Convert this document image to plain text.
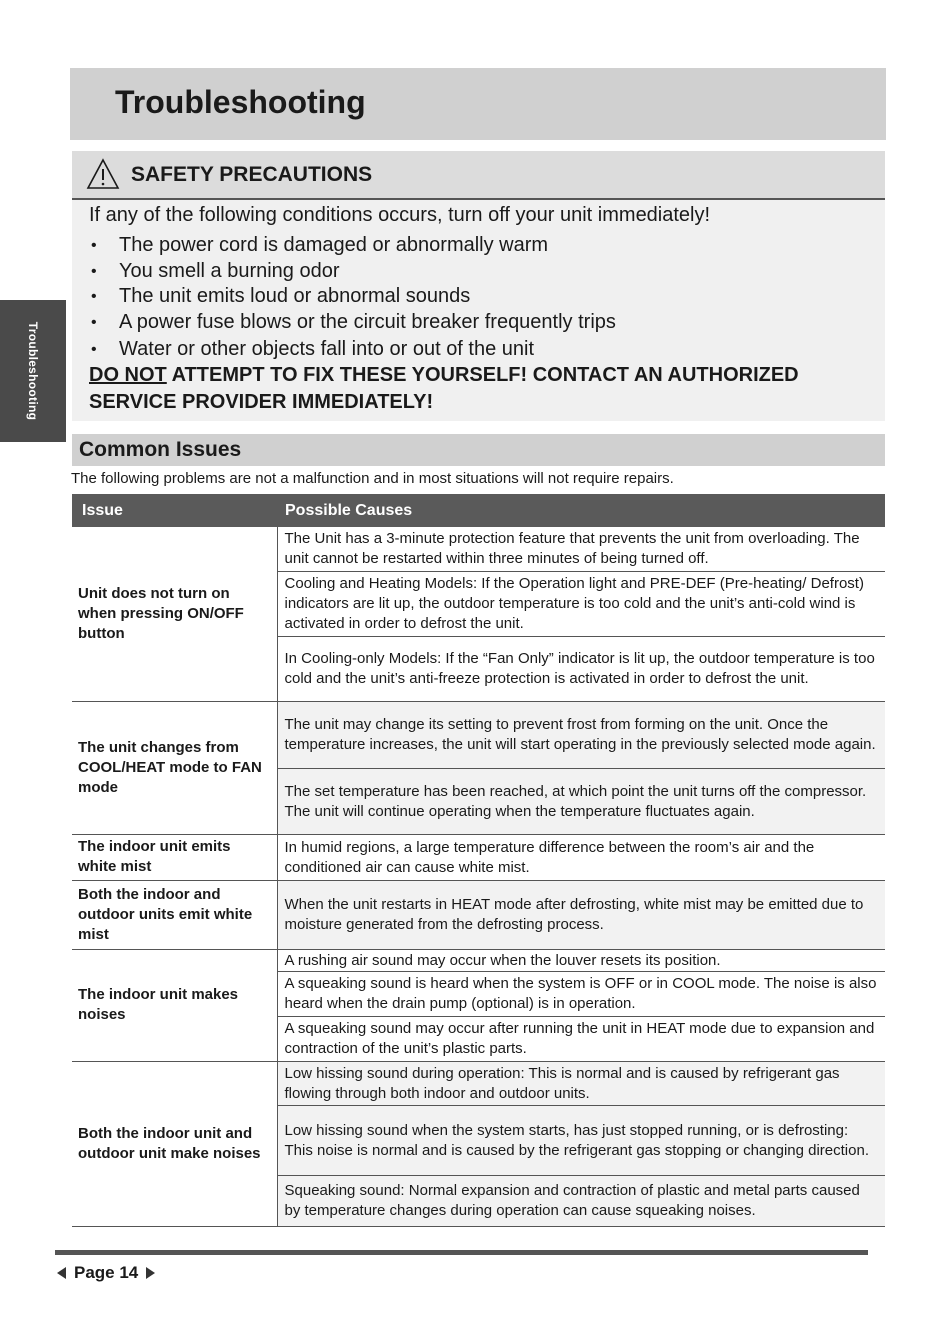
Troubleshooting
Troubleshooting
SAFETY PRECAUTIONS

If any of the following conditions occurs, turn off your unit immediately!

• The power cord is damaged or abnormally warm
• You smell a burning odor
• The unit emits loud or abnormal sounds
• A power fuse blows or the circuit breaker frequently trips
• Water or other objects fall into or out of the unit

DO NOT ATTEMPT TO FIX THESE YOURSELF! CONTACT AN AUTHORIZED SERVICE PROVIDER IMMEDIATELY!

Common Issues

The following problems are not a malfunction and in most situations will not require repairs.

Issue	Possible Causes
Unit does not turn on when pressing ON/OFF button	The Unit has a 3-minute protection feature that prevents the unit from overloading. The unit cannot be restarted within three minutes of being turned off.
	Cooling and Heating Models: If the Operation light and PRE-DEF (Pre-heating/ Defrost) indicators are lit up, the outdoor temperature is too cold and the unit’s anti-cold wind is activated in order to defrost the unit.
	In Cooling-only Models: If the “Fan Only” indicator is lit up, the outdoor temperature is too cold and the unit’s anti-freeze protection is activated in order to defrost the unit.
The unit changes from COOL/HEAT mode to FAN mode	The unit may change its setting to prevent frost from forming on the unit. Once the temperature increases, the unit will start operating in the previously selected mode again.
	The set temperature has been reached, at which point the unit turns off the compressor. The unit will continue operating when the temperature fluctuates again.
The indoor unit emits white mist	In humid regions, a large temperature difference between the room’s air and the conditioned air can cause white mist.
Both the indoor and outdoor units emit white mist	When the unit restarts in HEAT mode after defrosting, white mist may be emitted due to moisture generated from the defrosting process.
The indoor unit makes noises	A rushing air sound may occur when the louver resets its position.
	A squeaking sound is heard when the system is OFF or in COOL mode. The noise is also heard when the drain pump (optional) is in operation.
	A squeaking sound may occur after running the unit in HEAT mode due to expansion and contraction of the unit’s plastic parts.
Both the indoor unit and outdoor unit make noises	Low hissing sound during operation: This is normal and is caused by refrigerant gas flowing through both indoor and outdoor units.
	Low hissing sound when the system starts, has just stopped running, or is defrosting: This noise is normal and is caused by the refrigerant gas stopping or changing direction.
	Squeaking sound: Normal expansion and contraction of plastic and metal parts caused by temperature changes during operation can cause squeaking noises.
Page 14
